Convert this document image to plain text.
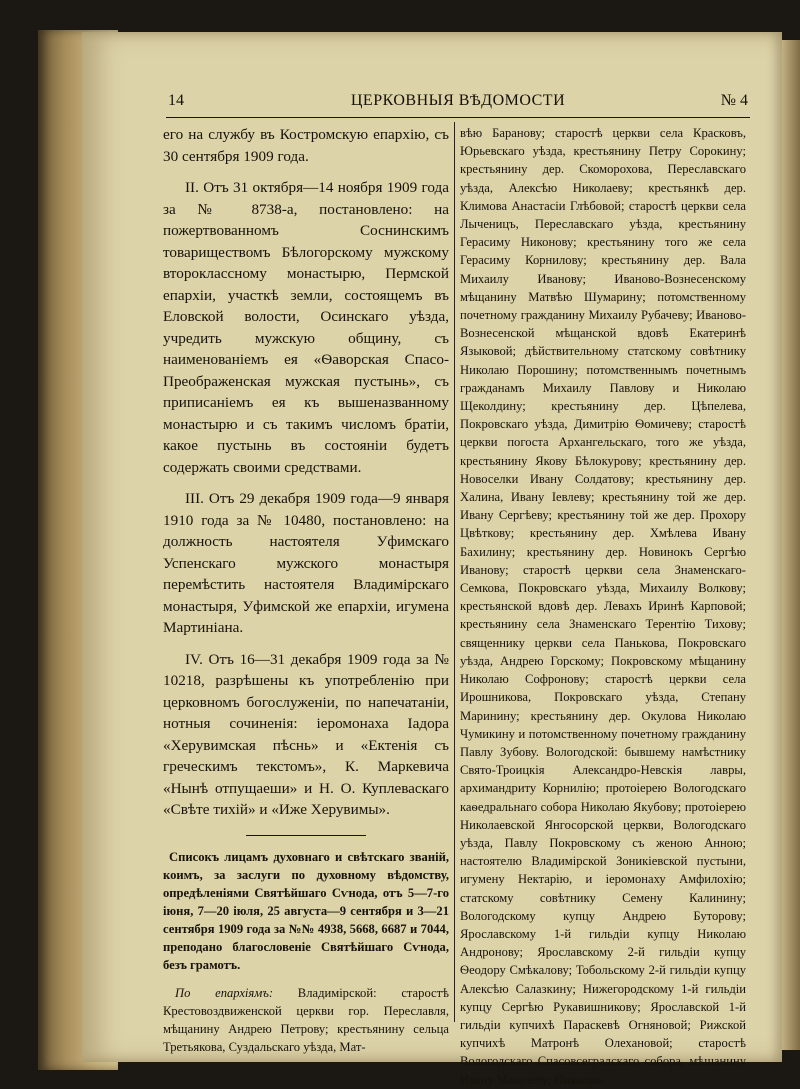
14	ЦЕРКОВНЫЯ ВѢДОМОСТИ	№ 4

его на службу въ Костромскую епархію, съ 30 сентября 1909 года.

II. Отъ 31 октября—14 ноября 1909 года за № 8738-а, постановлено: на пожертвованномъ Соснинскимъ товариществомъ Бѣлогорскому мужскому второклассному монастырю, Пермской епархіи, участкѣ земли, состоящемъ въ Еловской волости, Осинскаго уѣзда, учредить мужскую общину, съ наименованіемъ ея «Ѳаворская Спасо-Преображенская мужская пустынь», съ приписаніемъ ея къ вышеназванному монастырю и съ такимъ числомъ братіи, какое пустынь въ состояніи будетъ содержать своими средствами.

III. Отъ 29 декабря 1909 года—9 января 1910 года за № 10480, постановлено: на должность настоятеля Уфимскаго Успенскаго мужского монастыря перемѣстить настоятеля Владимірскаго монастыря, Уфимской же епархіи, игумена Мартиніана.

IV. Отъ 16—31 декабря 1909 года за № 10218, разрѣшены къ употребленію при церковномъ богослуженіи, по напечатаніи, нотныя сочиненія: іеромонаха Іадора «Херувимская пѣснь» и «Ектенія съ греческимъ текстомъ», К. Маркевича «Нынѣ отпущаеши» и Н. О. Куплеваскаго «Свѣте тихій» и «Иже Херувимы».

Списокъ лицамъ духовнаго и свѣтскаго званій, коимъ, за заслуги по духовному вѣдомству, опредѣленіями Святѣйшаго Сѵнода, отъ 5—7-го іюня, 7—20 іюля, 25 августа—9 сентября и 3—21 сентября 1909 года за №№ 4938, 5668, 6687 и 7044, преподано благословеніе Святѣйшаго Сѵнода, безъ грамотъ.

По епархіямъ: Владимірской: старостѣ Крестовоздвиженской церкви гор. Переславля, мѣщанину Андрею Петрову; крестьянину сельца Третьякова, Суздальскаго уѣзда, Мат-

вѣю Баранову; старостѣ церкви села Красковъ, Юрьевскаго уѣзда, крестьянину Петру Сорокину; крестьянину дер. Скоморохова, Переславскаго уѣзда, Алексѣю Николаеву; крестьянкѣ дер. Климова Анастасіи Глѣбовой; старостѣ церкви села Лыченицъ, Переславскаго уѣзда, крестьянину Герасиму Никонову; крестьянину того же села Герасиму Корнилову; крестьянину дер. Вала Михаилу Иванову; Иваново-Вознесенскому мѣщанину Матвѣю Шумарину; потомственному почетному гражданину Михаилу Рубачеву; Иваново-Вознесенской мѣщанской вдовѣ Екатеринѣ Языковой; дѣйствительному статскому совѣтнику Николаю Порошину; потомственнымъ почетнымъ гражданамъ Михаилу Павлову и Николаю Щеколдину; крестьянину дер. Цѣпелева, Покровскаго уѣзда, Димитрію Ѳомичеву; старостѣ церкви погоста Архангельскаго, того же уѣзда, крестьянину Якову Бѣлокурову; крестьянину дер. Новоселки Ивану Солдатову; крестьянину дер. Халина, Ивану Іевлеву; крестьянину той же дер. Ивану Сергѣеву; крестьянину той же дер. Прохору Цвѣткову; крестьянину дер. Хмѣлева Ивану Бахилину; крестьянину дер. Новинокъ Сергѣю Иванову; старостѣ церкви села Знаменскаго-Семкова, Покровскаго уѣзда, Михаилу Волкову; крестьянской вдовѣ дер. Левахъ Иринѣ Карповой; крестьянину села Знаменскаго Терентію Тихову; священнику церкви села Панькова, Покровскаго уѣзда, Андрею Горскому; Покровскому мѣщанину Николаю Софронову; старостѣ церкви села Ирошникова, Покровскаго уѣзда, Степану Маринину; крестьянину дер. Окулова Николаю Чумикину и потомственному почетному гражданину Павлу Зубову. Вологодской: бывшему намѣстнику Свято-Троицкія Александро-Невскія лавры, архимандриту Корнилію; протоіерею Вологодскаго каѳедральнаго собора Николаю Якубову; протоіерею Николаевской Янгосорской церкви, Вологодскаго уѣзда, Павлу Покровскому съ женою Анною; настоятелю Владимірской Зоникіевской пустыни, игумену Нектарію, и іеромонаху Амфилохію; статскому совѣтнику Семену Калинину; Вологодскому купцу Андрею Буторову; Ярославскому 1-й гильдіи купцу Николаю Андронову; Ярославскому 2-й гильдіи купцу Ѳеодору Смѣкалову; Тобольскому 2-й гильдіи купцу Алексѣю Салазкину; Нижегородскому 1-й гильдіи купцу Сергѣю Рукавишникову; Ярославской 1-й гильдіи купчихѣ Параскевѣ Огняновой; Рижской купчихѣ Матронѣ Олехановой; старостѣ Вологодскаго Спасовсеградскаго собора, мѣщанину Ивану Мазалеву; Николаю
